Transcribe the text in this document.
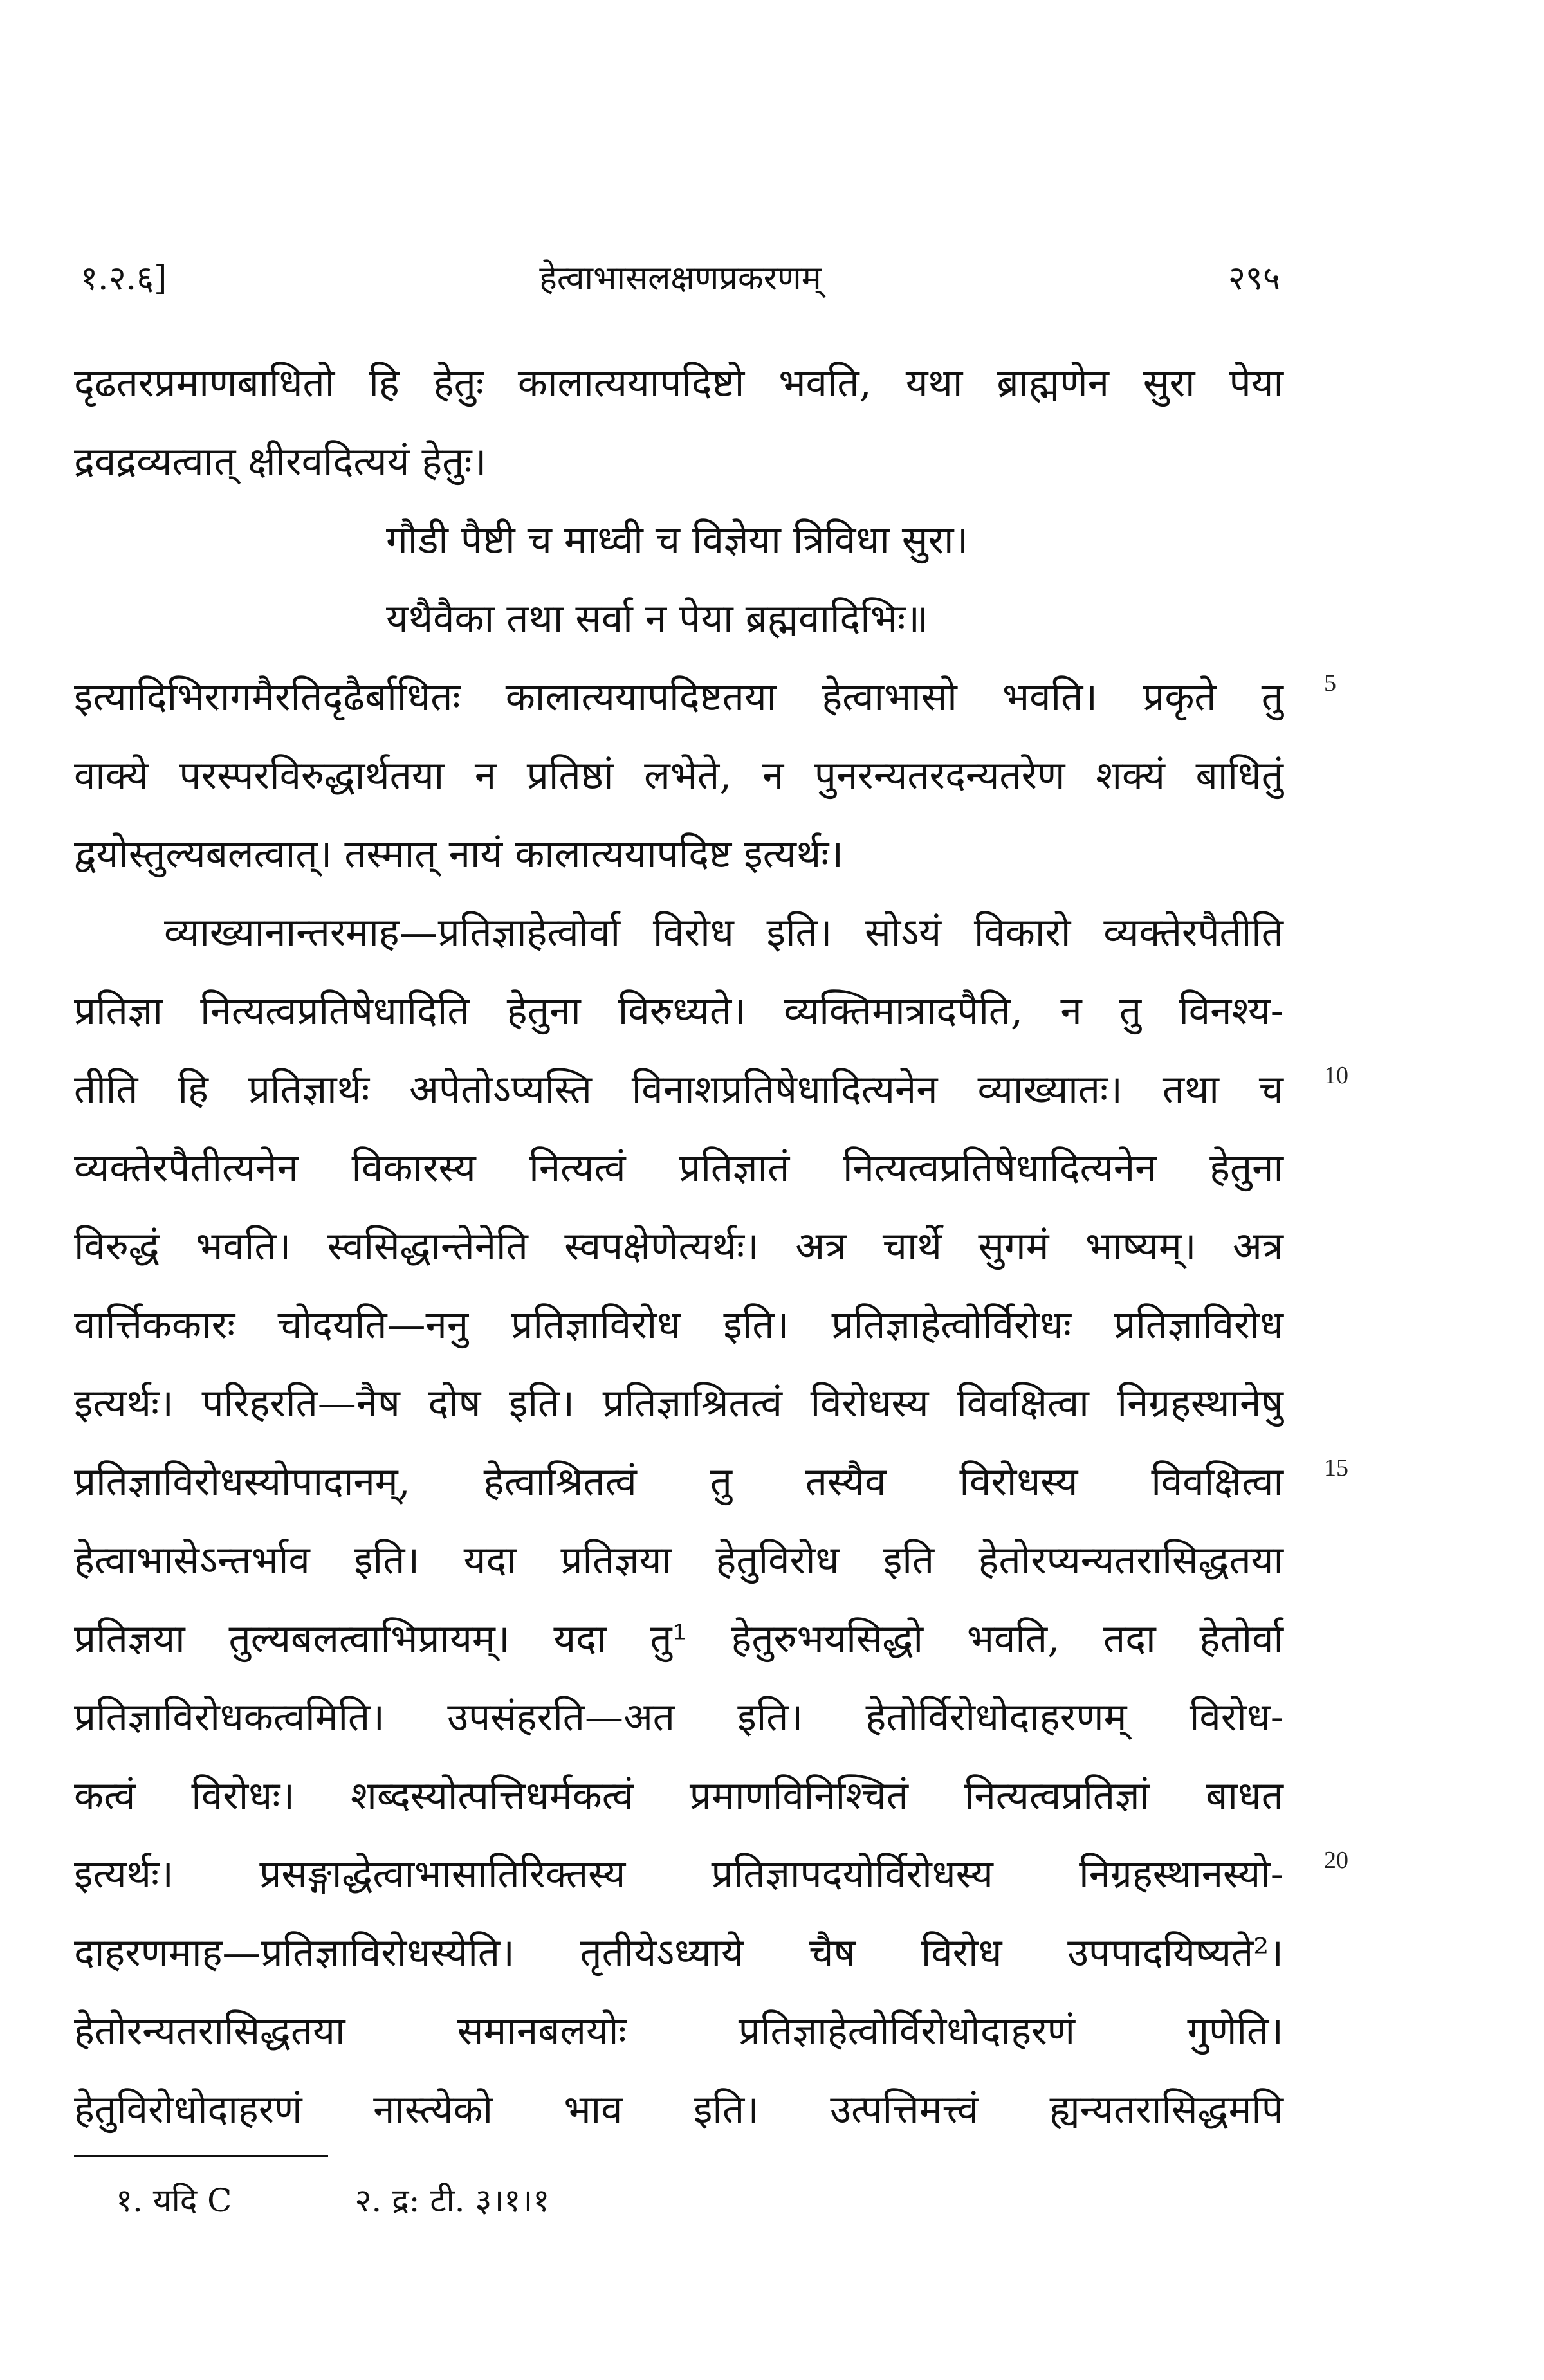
१.२.६]	हेत्वाभासलक्षणप्रकरणम्	२९५
दृढतरप्रमाणबाधितो हि हेतुः कालात्ययापदिष्टो भवति, यथा ब्राह्मणेन सुरा पेया
द्रवद्रव्यत्वात् क्षीरवदित्ययं हेतुः।
गौडी पैष्टी च माध्वी च विज्ञेया त्रिविधा सुरा।
यथैवैका तथा सर्वा न पेया ब्रह्मवादिभिः॥
इत्यादिभिरागमैरतिदृढैर्बाधितः कालात्ययापदिष्टतया हेत्वाभासो भवति। प्रकृते तु
वाक्ये परस्परविरुद्धार्थतया न प्रतिष्ठां लभेते, न पुनरन्यतरदन्यतरेण शक्यं बाधितुं
द्वयोस्तुल्यबलत्वात्। तस्मात् नायं कालात्ययापदिष्ट इत्यर्थः।
व्याख्यानान्तरमाह—प्रतिज्ञाहेत्वोर्वा विरोध इति। सोऽयं विकारो व्यक्तेरपैतीति
प्रतिज्ञा नित्यत्वप्रतिषेधादिति हेतुना विरुध्यते। व्यक्तिमात्रादपैति, न तु विनश्य-
तीति हि प्रतिज्ञार्थः अपेतोऽप्यस्ति विनाशप्रतिषेधादित्यनेन व्याख्यातः। तथा च
व्यक्तेरपैतीत्यनेन विकारस्य नित्यत्वं प्रतिज्ञातं नित्यत्वप्रतिषेधादित्यनेन हेतुना
विरुद्धं भवति। स्वसिद्धान्तेनेति स्वपक्षेणेत्यर्थः। अत्र चार्थे सुगमं भाष्यम्। अत्र
वार्त्तिककारः चोदयति—ननु प्रतिज्ञाविरोध इति। प्रतिज्ञाहेत्वोर्विरोधः प्रतिज्ञाविरोध
इत्यर्थः। परिहरति—नैष दोष इति। प्रतिज्ञाश्रितत्वं विरोधस्य विवक्षित्वा निग्रहस्थानेषु
प्रतिज्ञाविरोधस्योपादानम्, हेत्वाश्रितत्वं तु तस्यैव विरोधस्य विवक्षित्वा
हेत्वाभासेऽन्तर्भाव इति। यदा प्रतिज्ञया हेतुविरोध इति हेतोरप्यन्यतरासिद्धतया
प्रतिज्ञया तुल्यबलत्वाभिप्रायम्। यदा तु¹ हेतुरुभयसिद्धो भवति, तदा हेतोर्वा
प्रतिज्ञाविरोधकत्वमिति। उपसंहरति—अत इति। हेतोर्विरोधोदाहरणम् विरोध-
कत्वं विरोधः। शब्दस्योत्पत्तिधर्मकत्वं प्रमाणविनिश्चितं नित्यत्वप्रतिज्ञां बाधत
इत्यर्थः। प्रसङ्गाद्धेत्वाभासातिरिक्तस्य प्रतिज्ञापदयोर्विरोधस्य निग्रहस्थानस्यो-
दाहरणमाह—प्रतिज्ञाविरोधस्येति। तृतीयेऽध्याये चैष विरोध उपपादयिष्यते²।
हेतोरन्यतरासिद्धतया समानबलयोः प्रतिज्ञाहेत्वोर्विरोधोदाहरणं गुणेति।
हेतुविरोधोदाहरणं नास्त्येको भाव इति। उत्पत्तिमत्त्वं ह्यन्यतरासिद्धमपि
5
10
15
20
१. यदि C	२. द्र: टी. ३।१।१
